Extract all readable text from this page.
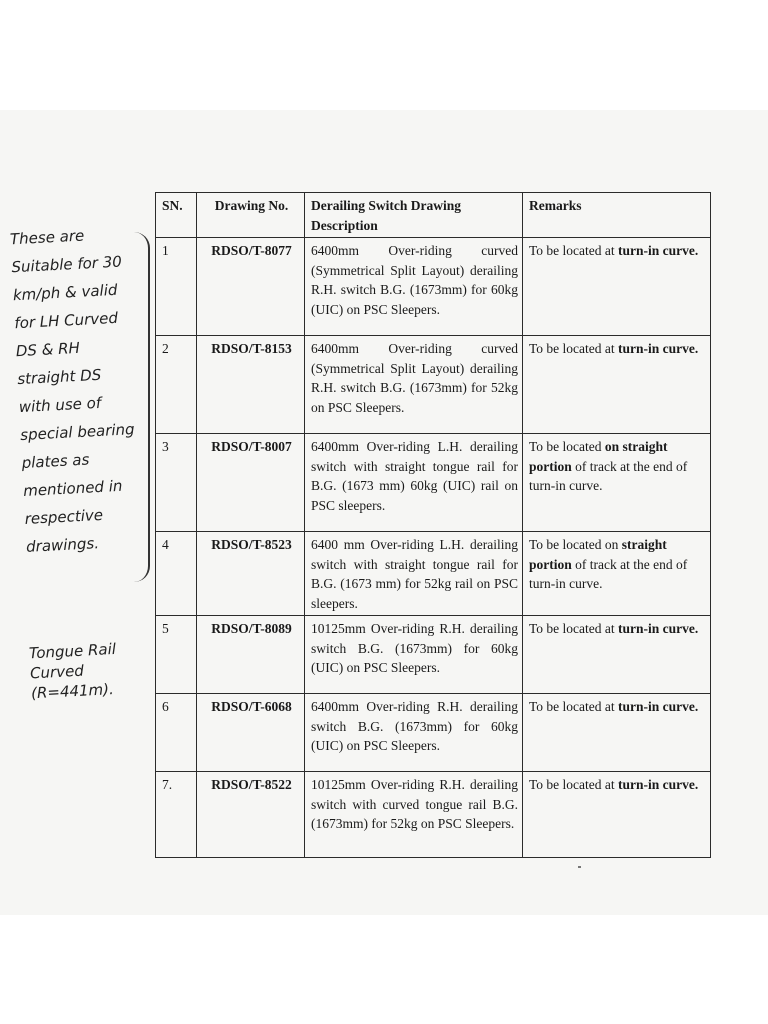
These are Suitable for 30 km/ph & valid for LH Curved DS & RH straight DS with use of special bearing plates as mentioned in respective drawings.
Tongue Rail Curved (R=441m).
SN.	Drawing No.	Derailing Switch Drawing Description	Remarks
1	RDSO/T-8077	6400mm Over-riding curved (Symmetrical Split Layout) derailing R.H. switch B.G. (1673mm) for 60kg (UIC) on PSC Sleepers.	To be located at turn-in curve.
2	RDSO/T-8153	6400mm Over-riding curved (Symmetrical Split Layout) derailing R.H. switch B.G. (1673mm) for 52kg on PSC Sleepers.	To be located at turn-in curve.
3	RDSO/T-8007	6400mm Over-riding L.H. derailing switch with straight tongue rail for B.G. (1673 mm) 60kg (UIC) rail on PSC sleepers.	To be located on straight portion of track at the end of turn-in curve.
4	RDSO/T-8523	6400 mm Over-riding L.H. derailing switch with straight tongue rail for B.G. (1673 mm) for 52kg rail on PSC sleepers.	To be located on straight portion of track at the end of turn-in curve.
5	RDSO/T-8089	10125mm Over-riding R.H. derailing switch B.G. (1673mm) for 60kg (UIC) on PSC Sleepers.	To be located at turn-in curve.
6	RDSO/T-6068	6400mm Over-riding R.H. derailing switch B.G. (1673mm) for 60kg (UIC) on PSC Sleepers.	To be located at turn-in curve.
7.	RDSO/T-8522	10125mm Over-riding R.H. derailing switch with curved tongue rail B.G. (1673mm) for 52kg on PSC Sleepers.	To be located at turn-in curve.
